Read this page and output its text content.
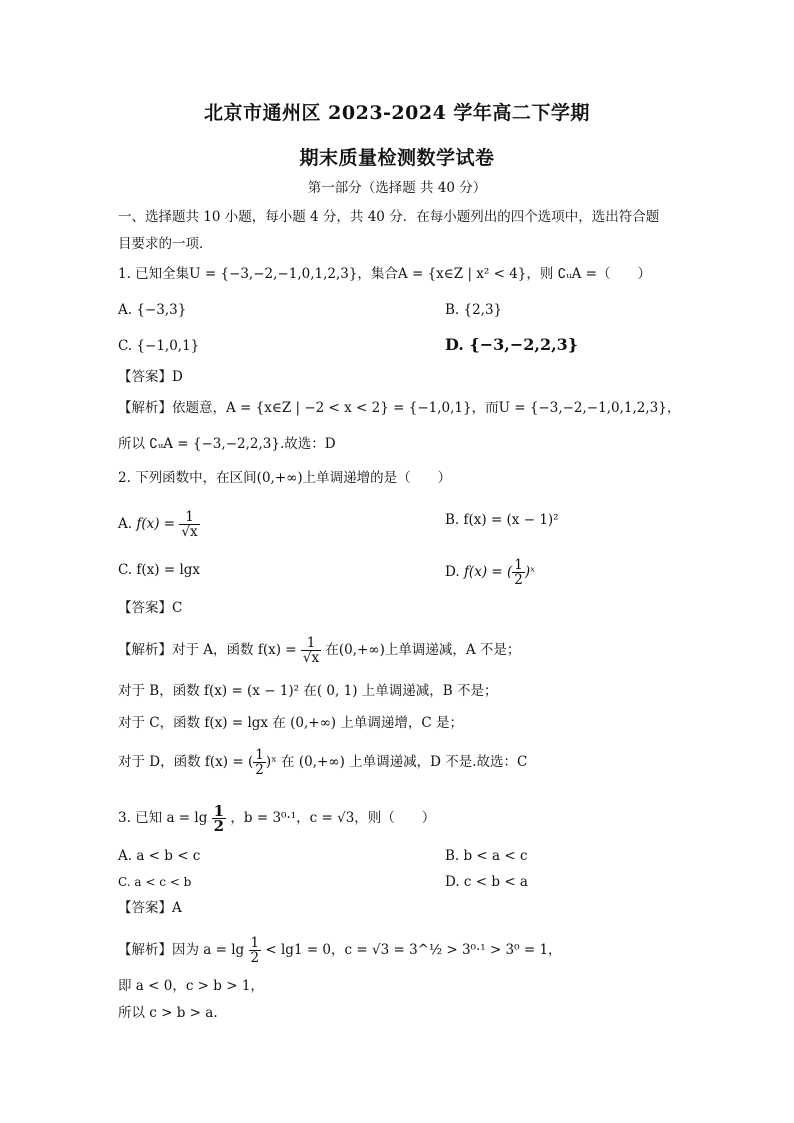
北京市通州区 2023-2024 学年高二下学期
期末质量检测数学试卷
第一部分（选择题 共 40 分）
一、选择题共 10 小题，每小题 4 分，共 40 分．在每小题列出的四个选项中，选出符合题
目要求的一项．
1. 已知全集U = {−3,−2,−1,0,1,2,3}，集合A = {x∈Z | x² < 4}，则 ∁ᵤA =（　　）
A. {−3,3}	B. {2,3}
C. {−1,0,1}	D. {−3,−2,2,3}
【答案】D
【解析】依题意，A = {x∈Z | −2 < x < 2} = {−1,0,1}，而U = {−3,−2,−1,0,1,2,3}，
所以 ∁ᵤA = {−3,−2,2,3}.故选：D
2. 下列函数中，在区间(0,+∞)上单调递增的是（　　）
A. $f(x) = \frac{1}{√x}$	B. f(x) = (x − 1)²
C. f(x) = lgx	D. f(x) = ( $\frac{1}{2}$ )ˣ
【答案】C
【解析】对于 A，函数 $f(x) = \frac{1}{√x}$ 在(0,+∞)上单调递减，A 不是；
对于 B，函数 f(x) = (x − 1)² 在( 0, 1) 上单调递减，B 不是；
对于 C，函数 f(x) = lgx 在 (0,+∞) 上单调递增，C 是；
对于 D，函数 f(x) = ( $\frac{1}{2}$ )ˣ 在 (0,+∞) 上单调递减，D 不是.故选：C
3. 已知 $a = \lg \frac{1}{2}$ ，b = 3⁰·¹，c = √3，则（　　）
A. a < b < c	B. b < a < c
C. a < c < b	D. c < b < a
【答案】A
【解析】因为 $a = \lg \frac{1}{2} < \lg 1 = 0$，c = √3 = 3^½ > 3⁰·¹ > 3⁰ = 1，
即 a < 0，c > b > 1，
所以 c > b > a.
